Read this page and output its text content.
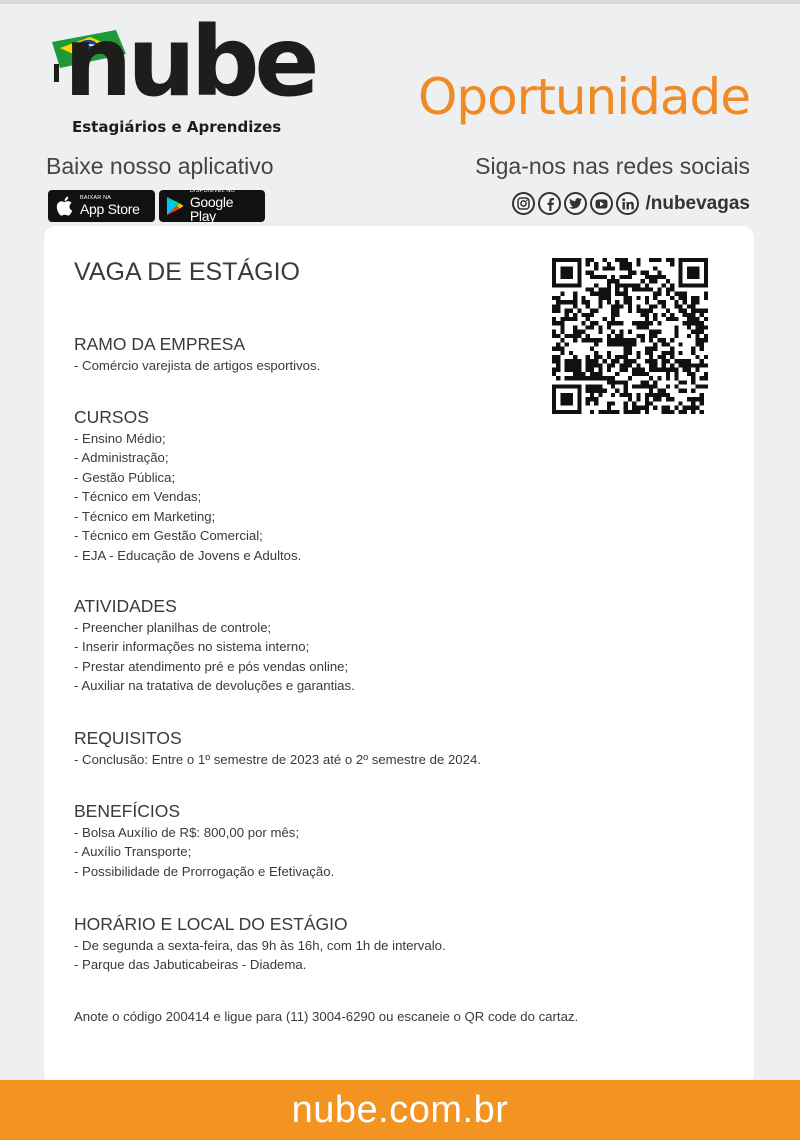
nube
Estagiários e Aprendizes
Oportunidade
Baixe nosso aplicativo	Siga-nos nas redes sociais
BAIXAR NA
App Store
DISPONÍVEL NO
Google Play
/nubevagas
VAGA DE ESTÁGIO
RAMO DA EMPRESA
- Comércio varejista de artigos esportivos.
CURSOS
- Ensino Médio;
- Administração;
- Gestão Pública;
- Técnico em Vendas;
- Técnico em Marketing;
- Técnico em Gestão Comercial;
- EJA - Educação de Jovens e Adultos.
ATIVIDADES
- Preencher planilhas de controle;
- Inserir informações no sistema interno;
- Prestar atendimento pré e pós vendas online;
- Auxiliar na tratativa de devoluções e garantias.
REQUISITOS
- Conclusão: Entre o 1º semestre de 2023 até o 2º semestre de 2024.
BENEFÍCIOS
- Bolsa Auxílio de R$: 800,00 por mês;
- Auxílio Transporte;
- Possibilidade de Prorrogação e Efetivação.
HORÁRIO E LOCAL DO ESTÁGIO
- De segunda a sexta-feira, das 9h às 16h, com 1h de intervalo.
- Parque das Jabuticabeiras - Diadema.
Anote o código 200414 e ligue para (11) 3004-6290 ou escaneie o QR code do cartaz.
nube.com.br
